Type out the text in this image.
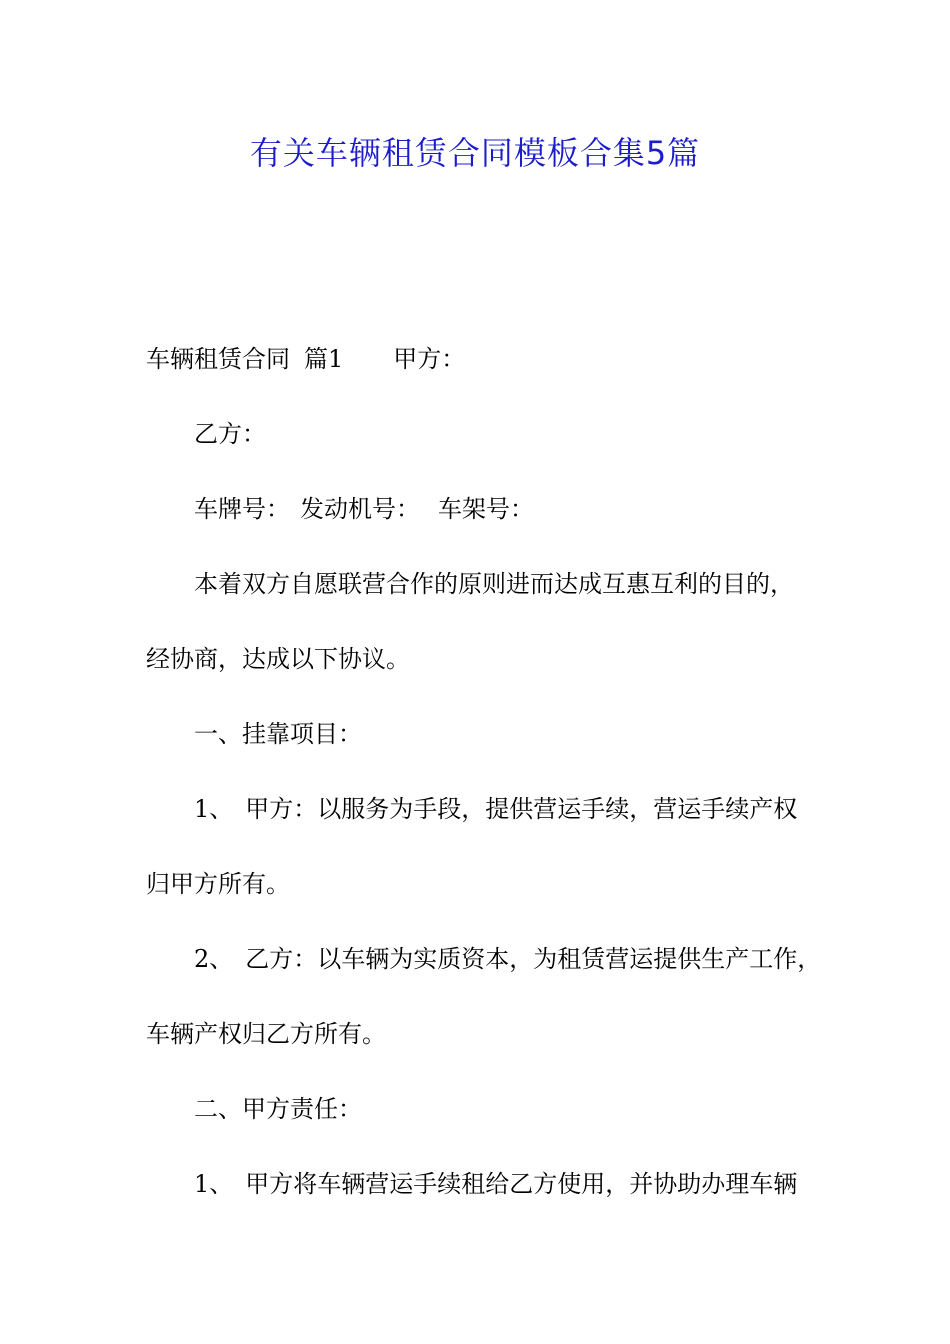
有关车辆租赁合同模板合集5篇
车辆租赁合同 篇1 甲方：
乙方：
车牌号： 发动机号： 车架号：
本着双方自愿联营合作的原则进而达成互惠互利的目的，
经协商，达成以下协议。
一、挂靠项目：
1、 甲方：以服务为手段，提供营运手续，营运手续产权
归甲方所有。
2、 乙方：以车辆为实质资本，为租赁营运提供生产工作，
车辆产权归乙方所有。
二、甲方责任：
1、 甲方将车辆营运手续租给乙方使用，并协助办理车辆
